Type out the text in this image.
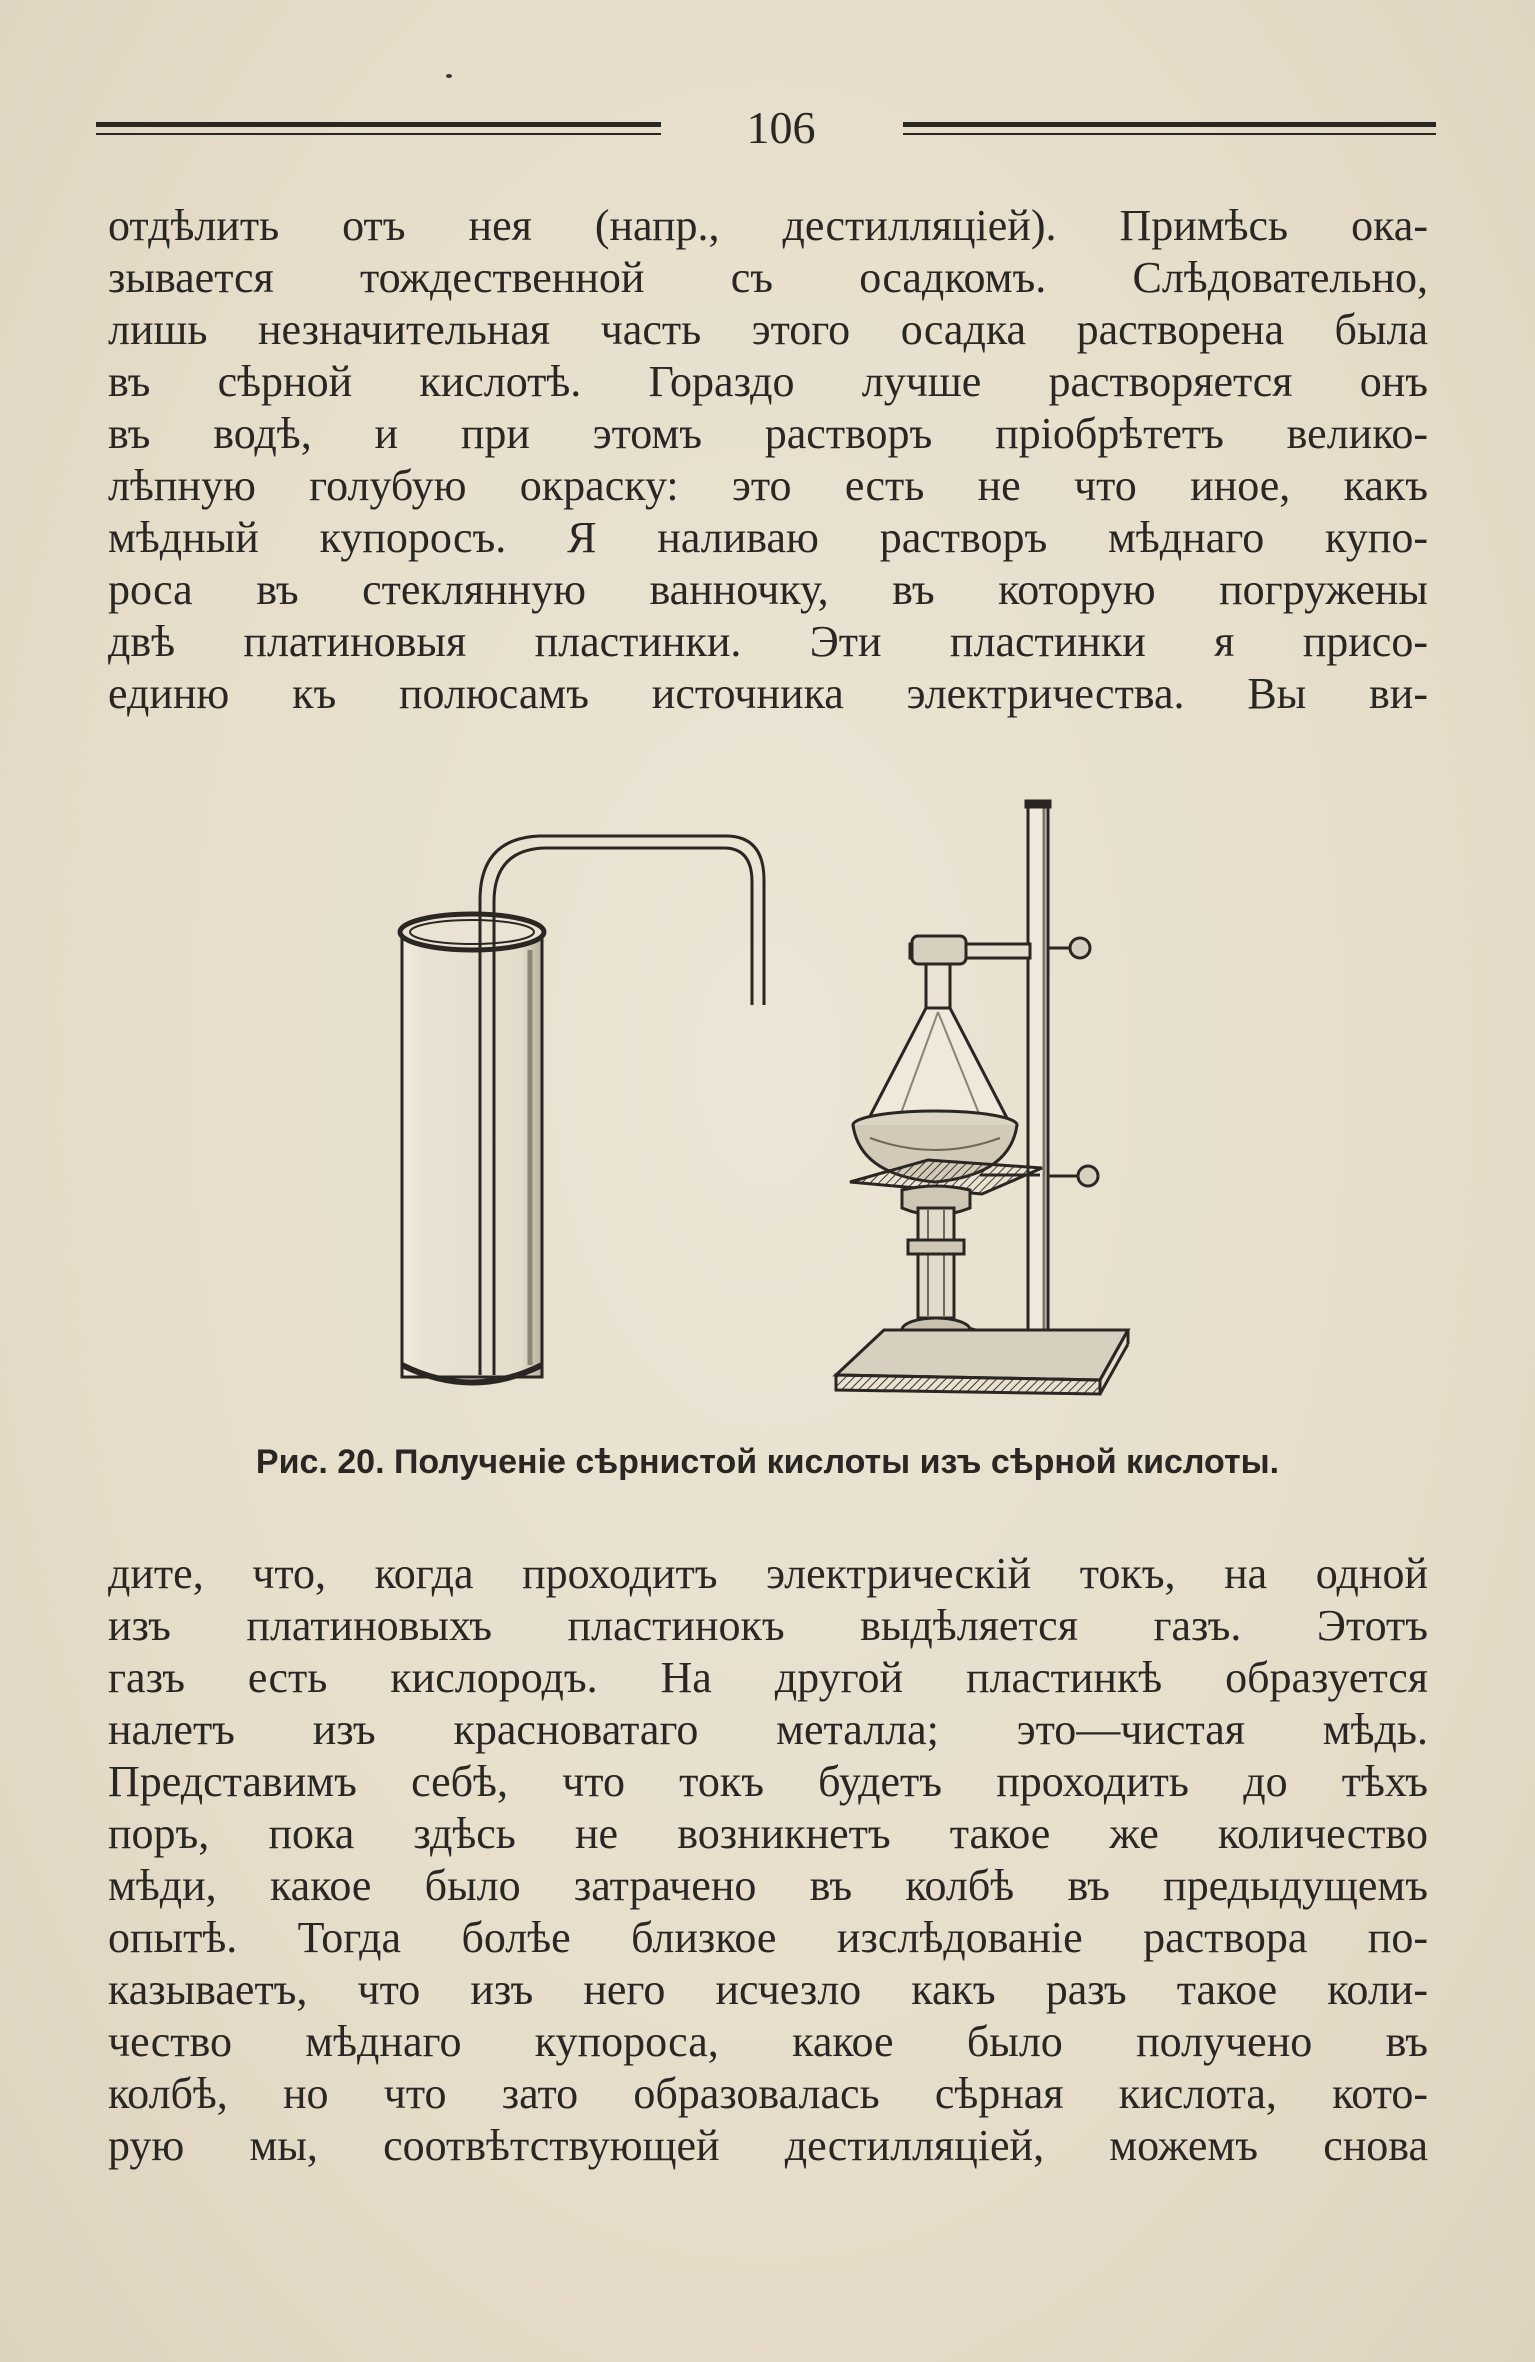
106
отдѣлить отъ нея (напр., дестилляціей). Примѣсь ока-
зывается тождественной съ осадкомъ. Слѣдовательно,
лишь незначительная часть этого осадка растворена была
въ сѣрной кислотѣ. Гораздо лучше растворяется онъ
въ водѣ, и при этомъ растворъ пріобрѣтетъ велико-
лѣпную голубую окраску: это есть не что иное, какъ
мѣдный купоросъ. Я наливаю растворъ мѣднаго купо-
роса въ стеклянную ванночку, въ которую погружены
двѣ платиновыя пластинки. Эти пластинки я присо-
единю къ полюсамъ источника электричества. Вы ви-
Рис. 20. Полученіе сѣрнистой кислоты изъ сѣрной кислоты.
дите, что, когда проходитъ электрическій токъ, на одной
изъ платиновыхъ пластинокъ выдѣляется газъ. Этотъ
газъ есть кислородъ. На другой пластинкѣ образуется
налетъ изъ красноватаго металла; это—чистая мѣдь.
Представимъ себѣ, что токъ будетъ проходить до тѣхъ
поръ, пока здѣсь не возникнетъ такое же количество
мѣди, какое было затрачено въ колбѣ въ предыдущемъ
опытѣ. Тогда болѣе близкое изслѣдованіе раствора по-
казываетъ, что изъ него исчезло какъ разъ такое коли-
чество мѣднаго купороса, какое было получено въ
колбѣ, но что зато образовалась сѣрная кислота, кото-
рую мы, соотвѣтствующей дестилляціей, можемъ снова
